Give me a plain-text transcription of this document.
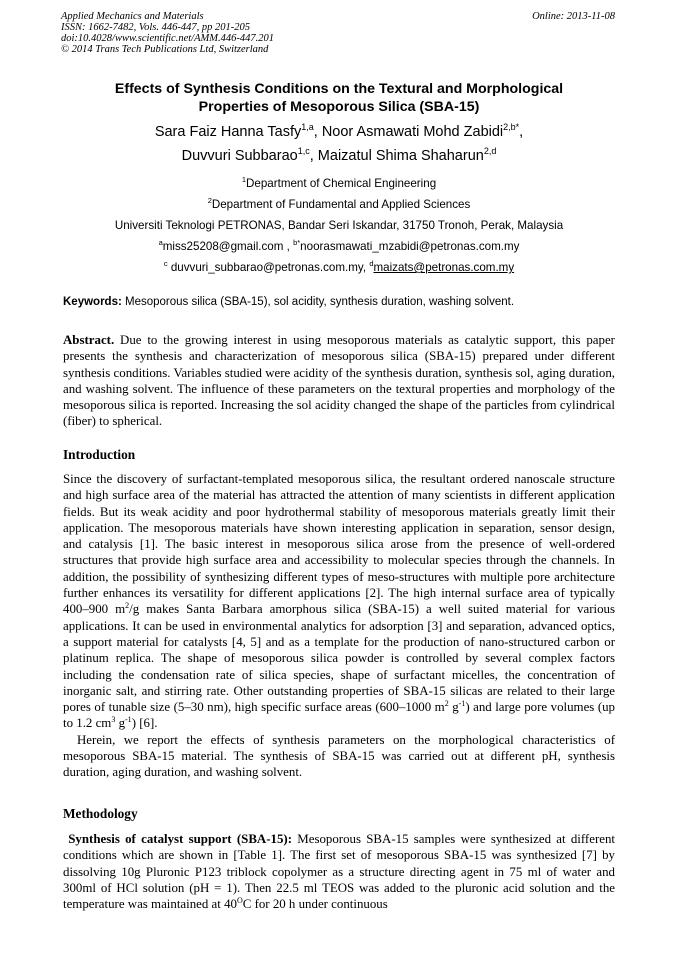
Applied Mechanics and Materials
ISSN: 1662-7482, Vols. 446-447, pp 201-205
doi:10.4028/www.scientific.net/AMM.446-447.201
© 2014 Trans Tech Publications Ltd, Switzerland
Online: 2013-11-08
Effects of Synthesis Conditions on the Textural and Morphological
Properties of Mesoporous Silica (SBA-15)
Sara Faiz Hanna Tasfy$^{1,a}$, Noor Asmawati Mohd Zabidi$^{2,b*}$,
Duvvuri Subbarao$^{1,c}$, Maizatul Shima Shaharun$^{2,d}$
$^1$Department of Chemical Engineering
$^2$Department of Fundamental and Applied Sciences
Universiti Teknologi PETRONAS, Bandar Seri Iskandar, 31750 Tronoh, Perak, Malaysia
$^a$miss25208@gmail.com , $^{b*}$noorasmawati_mzabidi@petronas.com.my
$^c$ duvvuri_subbarao@petronas.com.my, $^d$maizats@petronas.com.my
Keywords: Mesoporous silica (SBA-15), sol acidity, synthesis duration, washing solvent.
Abstract. Due to the growing interest in using mesoporous materials as catalytic support, this paper presents the synthesis and characterization of mesoporous silica (SBA-15) prepared under different synthesis conditions. Variables studied were acidity of the synthesis duration, synthesis sol, aging duration, and washing solvent. The influence of these parameters on the textural properties and morphology of the mesoporous silica is reported. Increasing the sol acidity changed the shape of the particles from cylindrical (fiber) to spherical.
Introduction
Since the discovery of surfactant-templated mesoporous silica, the resultant ordered nanoscale structure and high surface area of the material has attracted the attention of many scientists in different application fields. But its weak acidity and poor hydrothermal stability of mesoporous materials greatly limit their application. The mesoporous materials have shown interesting application in separation, sensor design, and catalysis [1]. The basic interest in mesoporous silica arose from the presence of well-ordered structures that provide high surface area and accessibility to molecular species through the channels. In addition, the possibility of synthesizing different types of meso-structures with multiple pore architecture further enhances its versatility for different applications [2]. The high internal surface area of typically 400–900 $m^2/g$ makes Santa Barbara amorphous silica (SBA-15) a well suited material for various applications. It can be used in environmental analytics for adsorption [3] and separation, advanced optics, a support material for catalysts [4, 5] and as a template for the production of nano-structured carbon or platinum replica. The shape of mesoporous silica powder is controlled by several complex factors including the condensation rate of silica species, shape of surfactant micelles, the concentration of inorganic salt, and stirring rate. Other outstanding properties of SBA-15 silicas are related to their large pores of tunable size (5–30 nm), high specific surface areas (600–1000 $m^2$ $g^{-1}$) and large pore volumes (up to 1.2 $cm^3$ $g^{-1}$) [6].
Herein, we report the effects of synthesis parameters on the morphological characteristics of mesoporous SBA-15 material. The synthesis of SBA-15 was carried out at different pH, synthesis duration, aging duration, and washing solvent.
Methodology
Synthesis of catalyst support (SBA-15): Mesoporous SBA-15 samples were synthesized at different conditions which are shown in [Table 1]. The first set of mesoporous SBA-15 was synthesized [7] by dissolving 10g Pluronic P123 triblock copolymer as a structure directing agent in 75 ml of water and 300ml of HCl solution (pH = 1). Then 22.5 ml TEOS was added to the pluronic acid solution and the temperature was maintained at $40^OC$ for 20 h under continuous
